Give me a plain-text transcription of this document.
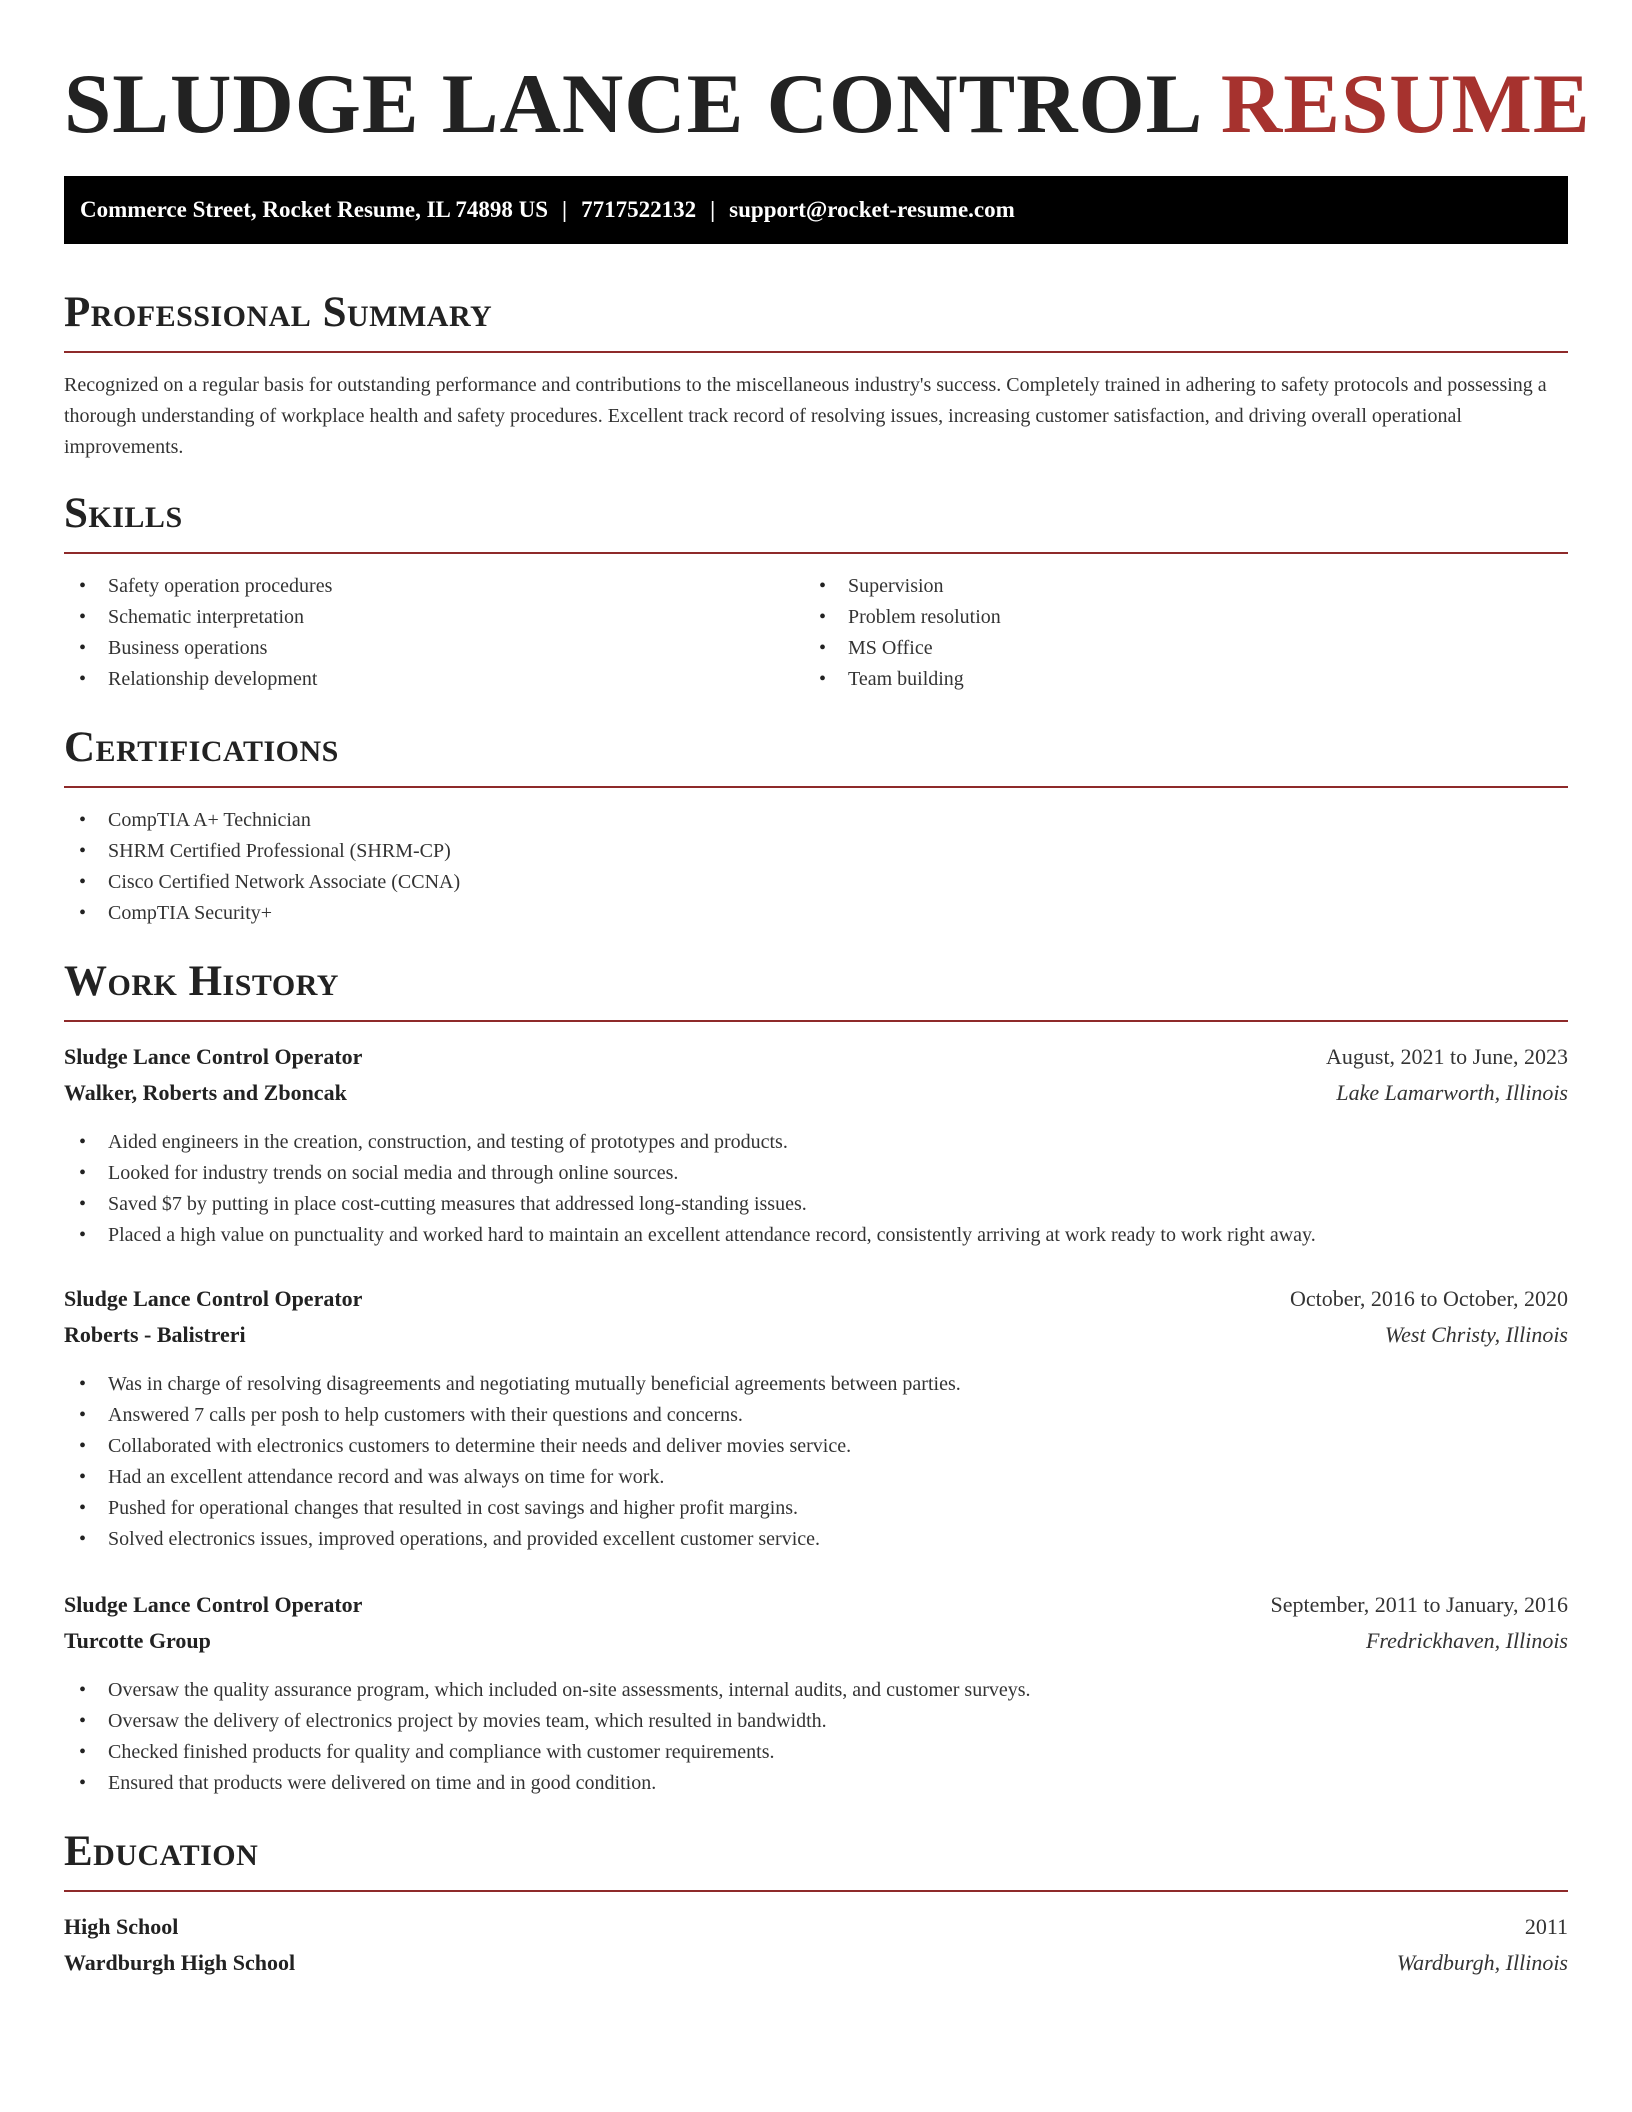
SLUDGE LANCE CONTROL RESUME
Commerce Street, Rocket Resume, IL 74898 US | 7717522132 | support@rocket-resume.com
Professional Summary

Recognized on a regular basis for outstanding performance and contributions to the miscellaneous industry's success. Completely trained in adhering to safety protocols and possessing a thorough understanding of workplace health and safety procedures. Excellent track record of resolving issues, increasing customer satisfaction, and driving overall operational improvements.

Skills
• Safety operation procedures
• Schematic interpretation
• Business operations
• Relationship development
• Supervision
• Problem resolution
• MS Office
• Team building
Certifications
• CompTIA A+ Technician
• SHRM Certified Professional (SHRM-CP)
• Cisco Certified Network Associate (CCNA)
• CompTIA Security+
Work History
Sludge Lance Control Operator	August, 2021 to June, 2023
Walker, Roberts and Zboncak	Lake Lamarworth, Illinois
• Aided engineers in the creation, construction, and testing of prototypes and products.
• Looked for industry trends on social media and through online sources.
• Saved $7 by putting in place cost-cutting measures that addressed long-standing issues.
• Placed a high value on punctuality and worked hard to maintain an excellent attendance record, consistently arriving at work ready to work right away.
Sludge Lance Control Operator	October, 2016 to October, 2020
Roberts - Balistreri	West Christy, Illinois
• Was in charge of resolving disagreements and negotiating mutually beneficial agreements between parties.
• Answered 7 calls per posh to help customers with their questions and concerns.
• Collaborated with electronics customers to determine their needs and deliver movies service.
• Had an excellent attendance record and was always on time for work.
• Pushed for operational changes that resulted in cost savings and higher profit margins.
• Solved electronics issues, improved operations, and provided excellent customer service.
Sludge Lance Control Operator	September, 2011 to January, 2016
Turcotte Group	Fredrickhaven, Illinois
• Oversaw the quality assurance program, which included on-site assessments, internal audits, and customer surveys.
• Oversaw the delivery of electronics project by movies team, which resulted in bandwidth.
• Checked finished products for quality and compliance with customer requirements.
• Ensured that products were delivered on time and in good condition.
Education
High School	2011
Wardburgh High School	Wardburgh, Illinois
